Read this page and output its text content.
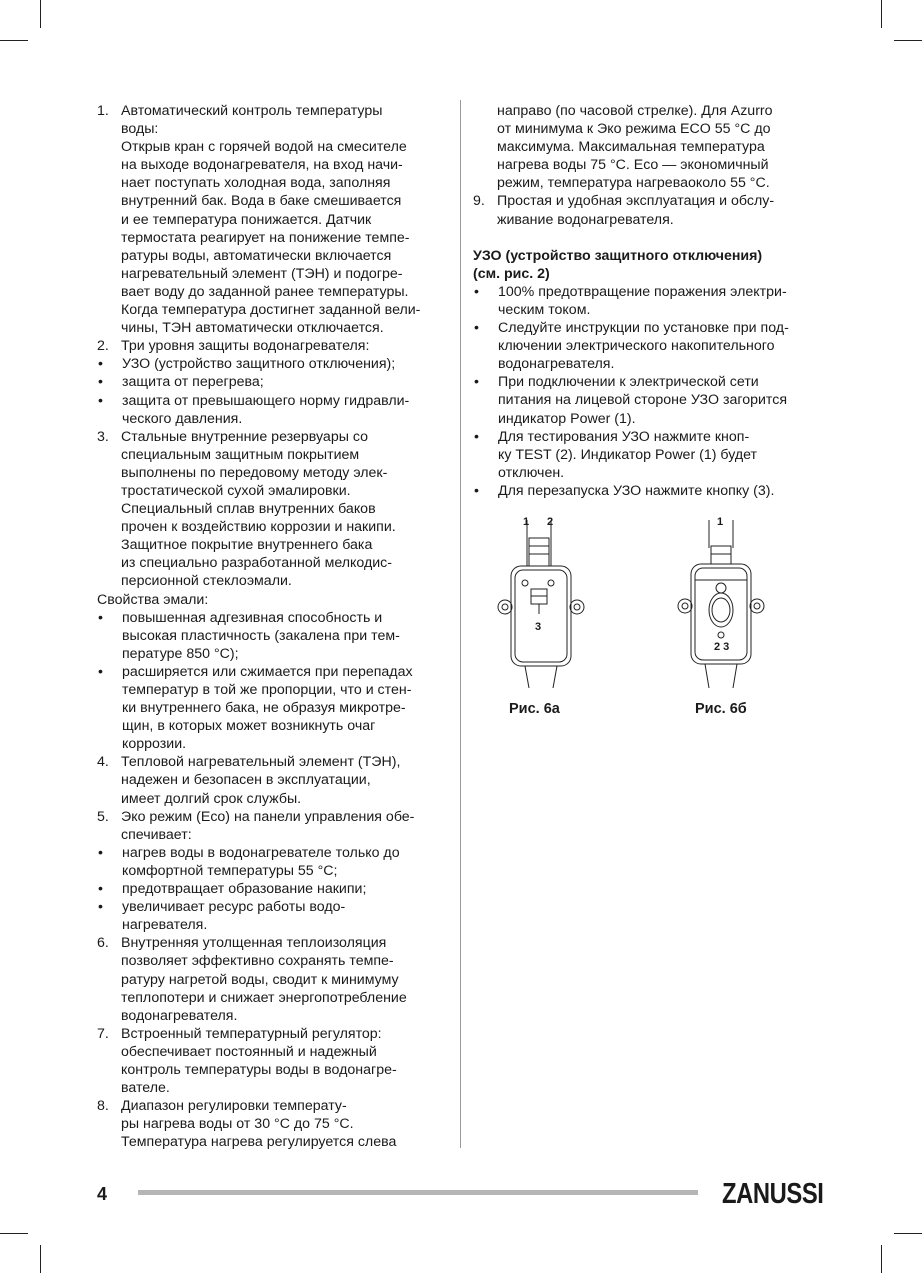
1. Автоматический контроль температуры
воды:
Открыв кран с горячей водой на смесителе
на выходе водонагревателя, на вход начи-
нает поступать холодная вода, заполняя
внутренний бак. Вода в баке смешивается
и ее температура понижается. Датчик
термостата реагирует на понижение темпе-
ратуры воды, автоматически включается
нагревательный элемент (ТЭН) и подогре-
вает воду до заданной ранее температуры.
Когда температура достигнет заданной вели-
чины, ТЭН автоматически отключается.
2. Три уровня защиты водонагревателя:
•	УЗО (устройство защитного отключения);
•	защита от перегрева;
•	защита от превышающего норму гидравли-
ческого давления.
3. Стальные внутренние резервуары со
специальным защитным покрытием
выполнены по передовому методу элек-
тростатической сухой эмалировки.
Специальный сплав внутренних баков
прочен к воздействию коррозии и накипи.
Защитное покрытие внутреннего бака
из специально разработанной мелкодис-
персионной стеклоэмали.
Свойства эмали:
•	повышенная адгезивная способность и
высокая пластичность (закалена при тем-
пературе 850 °С);
•	расширяется или сжимается при перепадах
температур в той же пропорции, что и стен-
ки внутреннего бака, не образуя микротре-
щин, в которых может возникнуть очаг
коррозии.
4. Тепловой нагревательный элемент (ТЭН),
надежен и безопасен в эксплуатации,
имеет долгий срок службы.
5. Эко режим (Eco) на панели управления обе-
спечивает:
•	нагрев воды в водонагревателе только до
комфортной температуры 55 °С;
•	предотвращает образование накипи;
•	увеличивает ресурс работы водо-
нагревателя.
6. Внутренняя утолщенная теплоизоляция
позволяет эффективно сохранять темпе-
ратуру нагретой воды, сводит к минимуму
теплопотери и снижает энергопотребление
водонагревателя.
7. Встроенный температурный регулятор:
обеспечивает постоянный и надежный
контроль температуры воды в водонагре-
вателе.
8. Диапазон регулировки температу-
ры нагрева воды от 30 °С до 75 °С.
Температура нагрева регулируется слева
направо (по часовой стрелке). Для Azurro
от минимума к Эко режима ECO 55 °C до
максимума. Максимальная температура
нагрева воды 75 °С. Eco — экономичный
режим, температура нагреваоколо 55 °С.
9. Простая и удобная эксплуатация и обслу-
живание водонагревателя.
УЗО (устройство защитного отключения)
(см. рис. 2)
•	100% предотвращение поражения электри-
ческим током.
•	Следуйте инструкции по установке при под-
ключении электрического накопительного
водонагревателя.
•	При подключении к электрической сети
питания на лицевой стороне УЗО загорится
индикатор Power (1).
•	Для тестирования УЗО нажмите кноп-
ку TEST (2). Индикатор Power (1) будет
отключен.
•	Для перезапуска УЗО нажмите кнопку (3).
1 2
3
1
2 3
Рис. 6а	Рис. 6б
4	ZANUSSI
